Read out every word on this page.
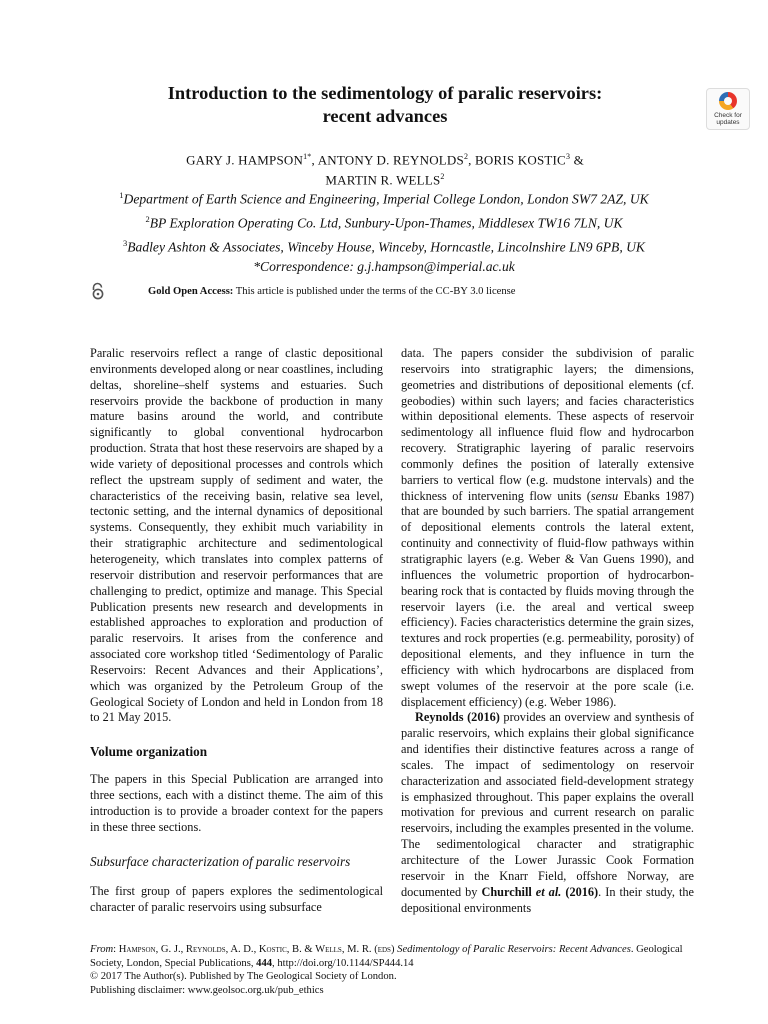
Introduction to the sedimentology of paralic reservoirs:
recent advances	Check for updates
GARY J. $HAMPSON^{1*}$, ANTONY D. REYNOLDS$^2$, BORIS KOSTIC$^3$ &
MARTIN R. WELLS$^2$
$^1$Department of Earth Science and Engineering, Imperial College London, London SW7 2AZ, UK
$^2$BP Exploration Operating Co. Ltd, Sunbury-Upon-Thames, Middlesex TW16 7LN, UK
$^3$Badley Ashton & Associates, Winceby House, Winceby, Horncastle, Lincolnshire LN9 6PB, UK
*Correspondence: g.j.hampson@imperial.ac.uk
Gold Open Access: This article is published under the terms of the CC-BY 3.0 license

Paralic reservoirs reflect a range of clastic depositional environments developed along or near coastlines, including deltas, shoreline–shelf systems and estuaries. Such reservoirs provide the backbone of production in many mature basins around the world, and contribute significantly to global conventional hydrocarbon production. Strata that host these reservoirs are shaped by a wide variety of depositional processes and controls which reflect the upstream supply of sediment and water, the characteristics of the receiving basin, relative sea level, tectonic setting, and the internal dynamics of depositional systems. Consequently, they exhibit much variability in their stratigraphic architecture and sedimentological heterogeneity, which translates into complex patterns of reservoir distribution and reservoir performances that are challenging to predict, optimize and manage. This Special Publication presents new research and developments in established approaches to exploration and production of paralic reservoirs. It arises from the conference and associated core workshop titled ‘Sedimentology of Paralic Reservoirs: Recent Advances and their Applications’, which was organized by the Petroleum Group of the Geological Society of London and held in London from 18 to 21 May 2015.

Volume organization

The papers in this Special Publication are arranged into three sections, each with a distinct theme. The aim of this introduction is to provide a broader context for the papers in these three sections.

Subsurface characterization of paralic reservoirs

The first group of papers explores the sedimentological character of paralic reservoirs using subsurface

data. The papers consider the subdivision of paralic reservoirs into stratigraphic layers; the dimensions, geometries and distributions of depositional elements (cf. geobodies) within such layers; and facies characteristics within depositional elements. These aspects of reservoir sedimentology all influence fluid flow and hydrocarbon recovery. Stratigraphic layering of paralic reservoirs commonly defines the position of laterally extensive barriers to vertical flow (e.g. mudstone intervals) and the thickness of intervening flow units (sensu Ebanks 1987) that are bounded by such barriers. The spatial arrangement of depositional elements controls the lateral extent, continuity and connectivity of fluid-flow pathways within stratigraphic layers (e.g. Weber & Van Guens 1990), and influences the volumetric proportion of hydrocarbon-bearing rock that is contacted by fluids moving through the reservoir layers (i.e. the areal and vertical sweep efficiency). Facies characteristics determine the grain sizes, textures and rock properties (e.g. permeability, porosity) of depositional elements, and they influence in turn the efficiency with which hydrocarbons are displaced from swept volumes of the reservoir at the pore scale (i.e. displacement efficiency) (e.g. Weber 1986).

Reynolds (2016) provides an overview and synthesis of paralic reservoirs, which explains their global significance and identifies their distinctive features across a range of scales. The impact of sedimentology on reservoir characterization and associated field-development strategy is emphasized throughout. This paper explains the overall motivation for previous and current research on paralic reservoirs, including the examples presented in the volume. The sedimentological character and stratigraphic architecture of the Lower Jurassic Cook Formation reservoir in the Knarr Field, offshore Norway, are documented by Churchill et al. (2016). In their study, the depositional environments

From: Hampson, G. J., Reynolds, A. D., Kostic, B. & Wells, M. R. (eds) Sedimentology of Paralic Reservoirs: Recent Advances. Geological Society, London, Special Publications, 444, http://doi.org/10.1144/SP444.14
© 2017 The Author(s). Published by The Geological Society of London.
Publishing disclaimer: www.geolsoc.org.uk/pub_ethics
